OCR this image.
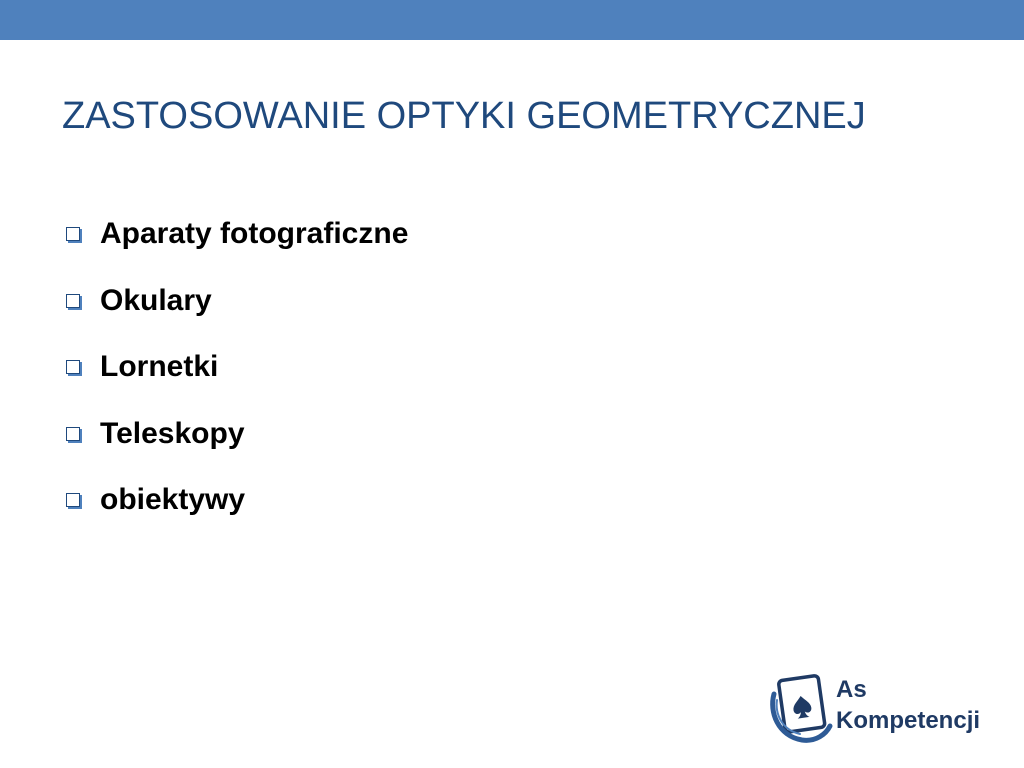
ZASTOSOWANIE OPTYKI GEOMETRYCZNEJ
Aparaty fotograficzne
Okulary
Lornetki
Teleskopy
obiektywy
As
Kompetencji
